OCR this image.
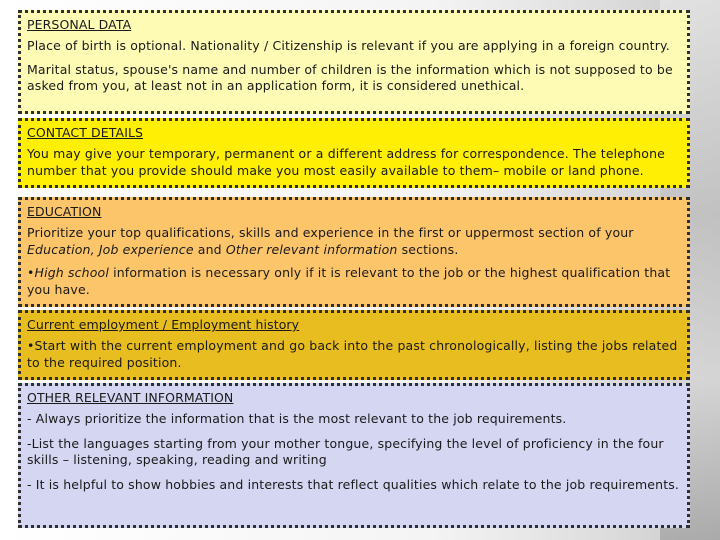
PERSONAL DATA

Place of birth is optional. Nationality / Citizenship is relevant if you are applying in a foreign country.

Marital status, spouse's name and number of children is the information which is not supposed to be asked from you, at least not in an application form, it is considered unethical.

CONTACT DETAILS

You may give your temporary, permanent or a different address for correspondence. The telephone number that you provide should make you most easily available to them– mobile or land phone.

EDUCATION

Prioritize your top qualifications, skills and experience in the first or uppermost section of your Education, Job experience and Other relevant information sections.

•High school information is necessary only if it is relevant to the job or the highest qualification that you have.

Current employment / Employment history

•Start with the current employment and go back into the past chronologically, listing the jobs related to the required position.

OTHER RELEVANT INFORMATION

- Always prioritize the information that is the most relevant to the job requirements.

-List the languages starting from your mother tongue, specifying the level of proficiency in the four skills – listening, speaking, reading and writing

- It is helpful to show hobbies and interests that reflect qualities which relate to the job requirements.
